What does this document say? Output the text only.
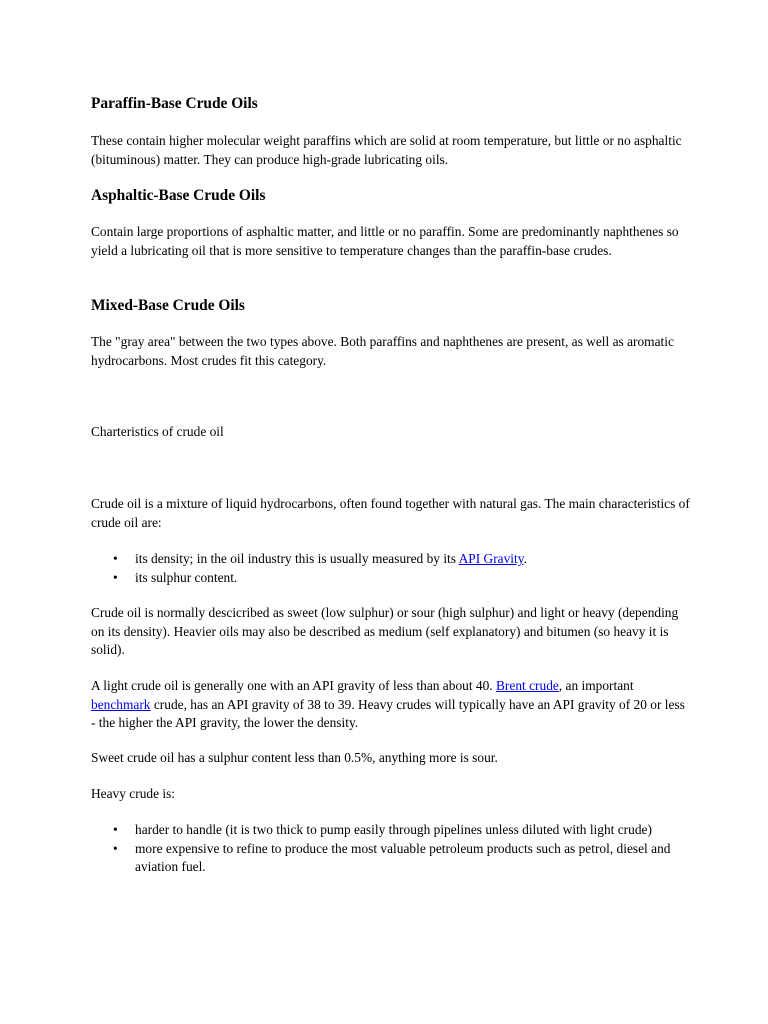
Paraffin-Base Crude Oils

These contain higher molecular weight paraffins which are solid at room temperature, but little or no asphaltic (bituminous) matter. They can produce high-grade lubricating oils.

Asphaltic-Base Crude Oils

Contain large proportions of asphaltic matter, and little or no paraffin. Some are predominantly naphthenes so yield a lubricating oil that is more sensitive to temperature changes than the paraffin-base crudes.

Mixed-Base Crude Oils

The "gray area" between the two types above. Both paraffins and naphthenes are present, as well as aromatic hydrocarbons. Most crudes fit this category.

Charteristics of crude oil

Crude oil is a mixture of liquid hydrocarbons, often found together with natural gas. The main characteristics of crude oil are:

• its density; in the oil industry this is usually measured by its API Gravity.
• its sulphur content.

Crude oil is normally descicribed as sweet (low sulphur) or sour (high sulphur) and light or heavy (depending on its density). Heavier oils may also be described as medium (self explanatory) and bitumen (so heavy it is solid).

A light crude oil is generally one with an API gravity of less than about 40. Brent crude, an important benchmark crude, has an API gravity of 38 to 39. Heavy crudes will typically have an API gravity of 20 or less - the higher the API gravity, the lower the density.

Sweet crude oil has a sulphur content less than 0.5%, anything more is sour.

Heavy crude is:

• harder to handle (it is two thick to pump easily through pipelines unless diluted with light crude)
• more expensive to refine to produce the most valuable petroleum products such as petrol, diesel and aviation fuel.
